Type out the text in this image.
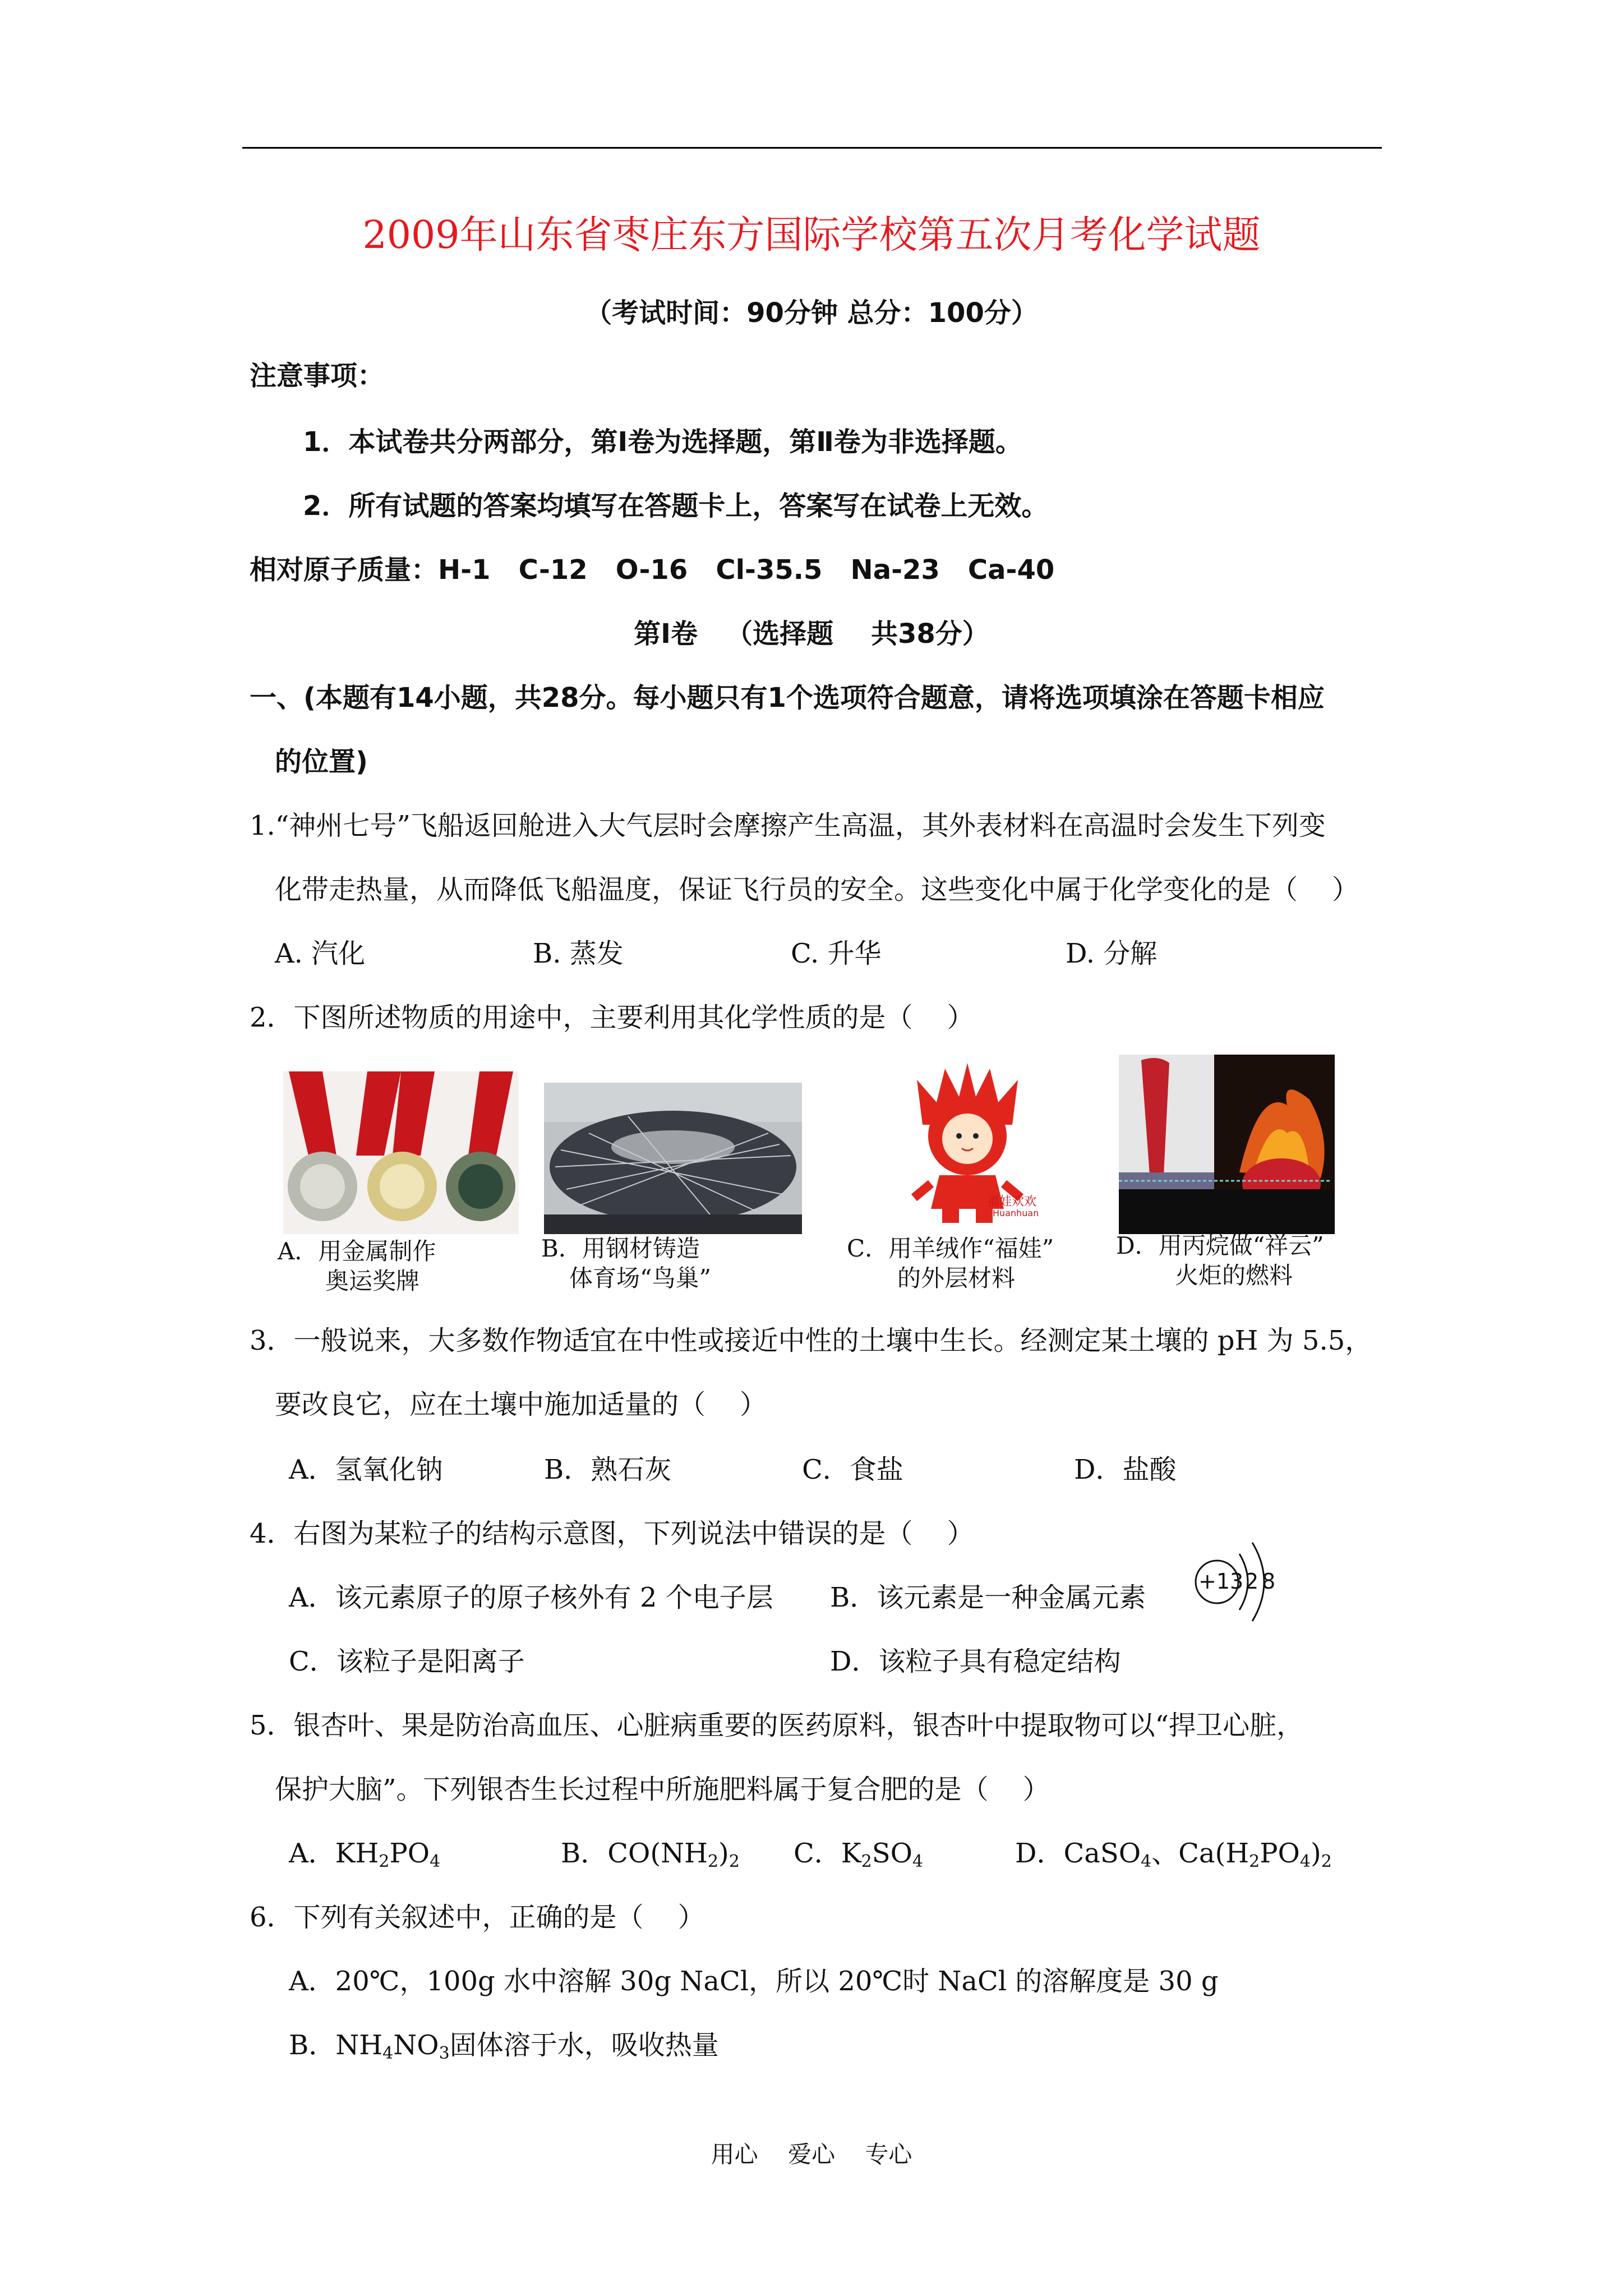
2009年山东省枣庄东方国际学校第五次月考化学试题
（考试时间：90分钟 总分：100分）
注意事项：
1．本试卷共分两部分，第Ⅰ卷为选择题，第Ⅱ卷为非选择题。
2．所有试题的答案均填写在答题卡上，答案写在试卷上无效。
相对原子质量：H-1   C-12   O-16   Cl-35.5   Na-23   Ca-40
第Ⅰ卷   （选择题    共38分）
一、(本题有14小题，共28分。每小题只有1个选项符合题意，请将选项填涂在答题卡相应
的位置)
1.“神州七号”飞船返回舱进入大气层时会摩擦产生高温，其外表材料在高温时会发生下列变
化带走热量，从而降低飞船温度，保证飞行员的安全。这些变化中属于化学变化的是（    ）
A. 汽化	B. 蒸发	C. 升华	D. 分解
2．下图所述物质的用途中，主要利用其化学性质的是（    ）
福娃欢欢
Huanhuan
A．用金属制作
奥运奖牌
B．用钢材铸造
体育场“鸟巢”
C．用羊绒作“福娃”
的外层材料
D．用丙烷做“祥云”
火炬的燃料
3．一般说来，大多数作物适宜在中性或接近中性的土壤中生长。经测定某土壤的 pH 为 5.5，
要改良它，应在土壤中施加适量的（    ）
A．氢氧化钠	B．熟石灰	C．食盐	D．盐酸
4．右图为某粒子的结构示意图，下列说法中错误的是（    ）
A．该元素原子的原子核外有 2 个电子层 B．该元素是一种金属元素
C．该粒子是阳离子	D．该粒子具有稳定结构
+13 2 8
5．银杏叶、果是防治高血压、心脏病重要的医药原料，银杏叶中提取物可以“捍卫心脏，
保护大脑”。下列银杏生长过程中所施肥料属于复合肥的是（    ）
A．$KH_2PO_4$	B．$CO(NH_2)_2$ C．$K_2SO_4$	D．CaSO$_4$、$Ca(H_2PO_4)_2$
6．下列有关叙述中，正确的是（    ）
A．20℃，100g 水中溶解 30g NaCl，所以 20℃时 NaCl 的溶解度是 30 g
B．$NH_4NO_3$固体溶于水，吸收热量
用心    爱心    专心
